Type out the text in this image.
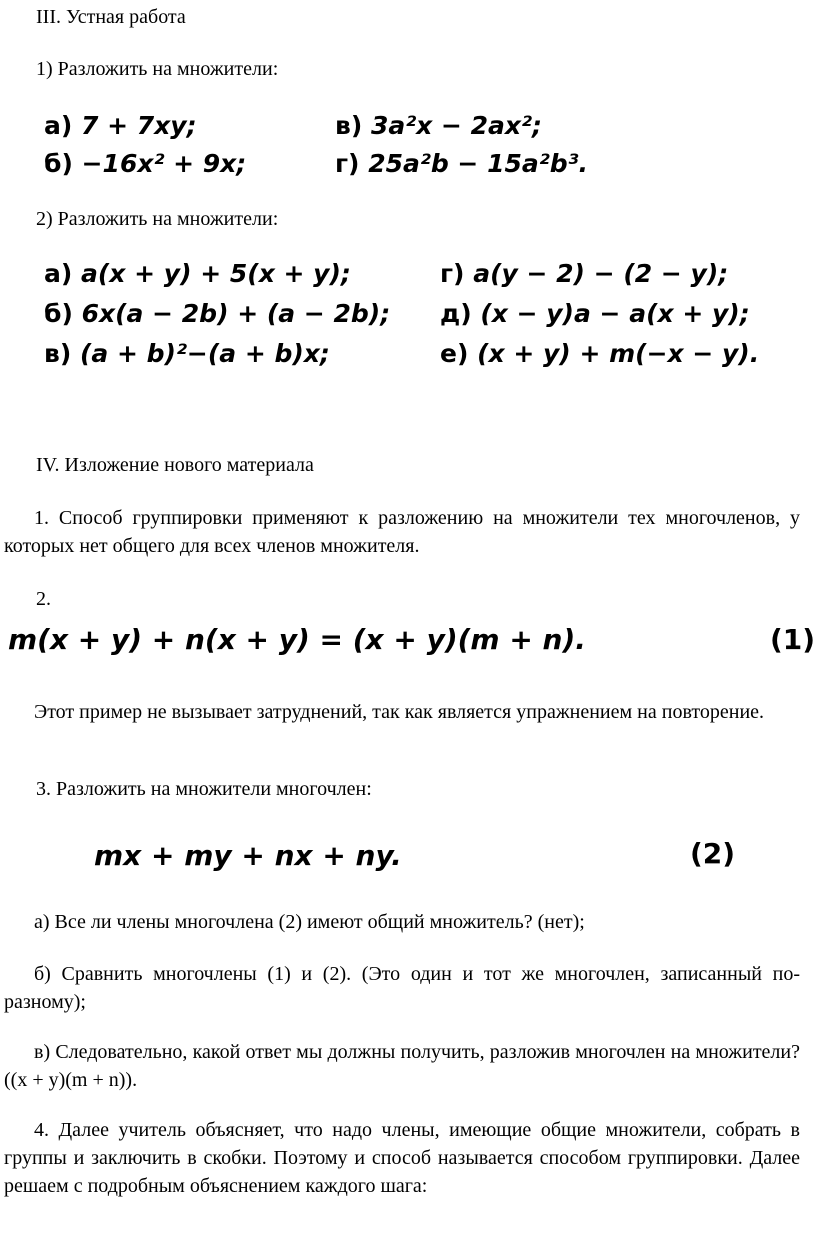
III. Устная работа
1) Разложить на множители:
а) 7 + 7xy;	в) 3a²x − 2ax²;
б) −16x² + 9x;	г) 25a²b − 15a²b³.
2) Разложить на множители:
а) a(x + y) + 5(x + y);	г) a(y − 2) − (2 − y);
б) 6x(a − 2b) + (a − 2b); д) (x − y)a − a(x + y);
в) (a + b)²−(a + b)x;	е) (x + y) + m(−x − y).
IV. Изложение нового материала

1. Способ группировки применяют к разложению на множители тех многочленов, у которых нет общего для всех членов множителя.

2.
m(x + y) + n(x + y) = (x + y)(m + n).	(1)

Этот пример не вызывает затруднений, так как является упражнением на повторение.

3. Разложить на множители многочлен:
mx + my + nx + ny.	(2)

а) Все ли члены многочлена (2) имеют общий множитель? (нет);

б) Сравнить многочлены (1) и (2). (Это один и тот же многочлен, записанный по-разному);

в) Следовательно, какой ответ мы должны получить, разложив многочлен на множители? ((x + y)(m + n)).

4. Далее учитель объясняет, что надо члены, имеющие общие множители, собрать в группы и заключить в скобки. Поэтому и способ называется способом группировки. Далее решаем с подробным объяснением каждого шага:
